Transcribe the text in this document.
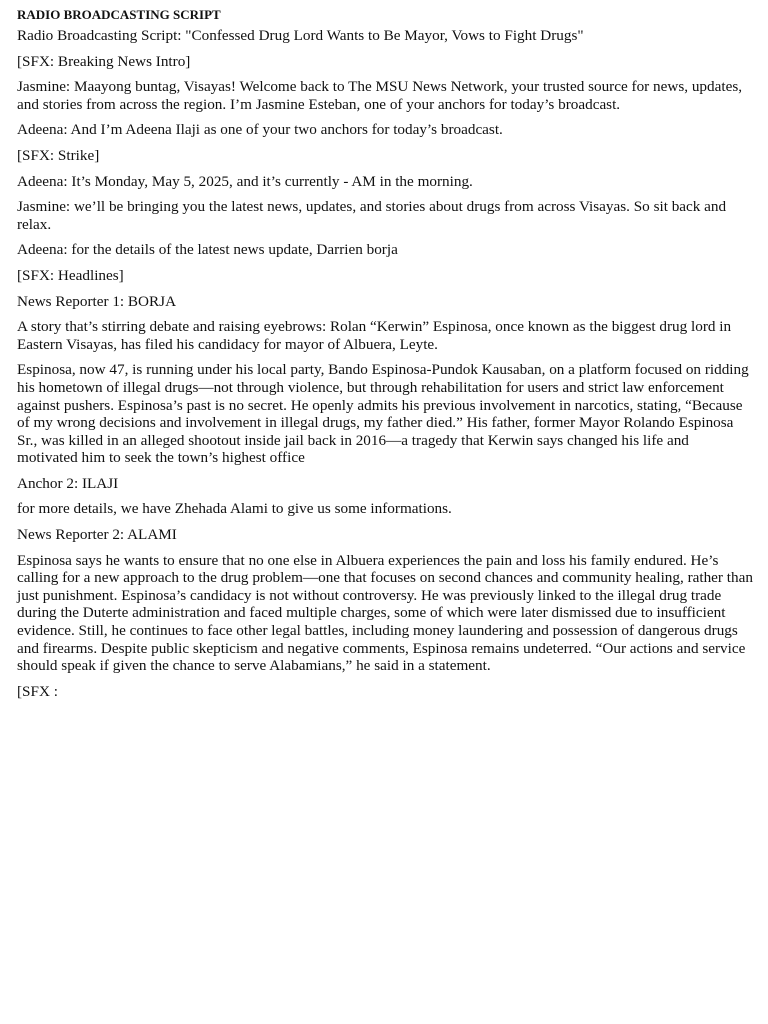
RADIO BROADCASTING SCRIPT

Radio Broadcasting Script: "Confessed Drug Lord Wants to Be Mayor, Vows to Fight Drugs"

[SFX: Breaking News Intro]

Jasmine: Maayong buntag, Visayas! Welcome back to The MSU News Network, your trusted source for news, updates, and stories from across the region. I’m Jasmine Esteban, one of your anchors for today’s broadcast.

Adeena: And I’m Adeena Ilaji as one of your two anchors for today’s broadcast.

[SFX: Strike]

Adeena: It’s Monday, May 5, 2025, and it’s currently - AM in the morning.

Jasmine: we’ll be bringing you the latest news, updates, and stories about drugs from across Visayas. So sit back and relax.

Adeena: for the details of the latest news update, Darrien borja

[SFX: Headlines]

News Reporter 1: BORJA

A story that’s stirring debate and raising eyebrows: Rolan “Kerwin” Espinosa, once known as the biggest drug lord in Eastern Visayas, has filed his candidacy for mayor of Albuera, Leyte.

Espinosa, now 47, is running under his local party, Bando Espinosa-Pundok Kausaban, on a platform focused on ridding his hometown of illegal drugs—not through violence, but through rehabilitation for users and strict law enforcement against pushers. Espinosa’s past is no secret. He openly admits his previous involvement in narcotics, stating, “Because of my wrong decisions and involvement in illegal drugs, my father died.” His father, former Mayor Rolando Espinosa Sr., was killed in an alleged shootout inside jail back in 2016—a tragedy that Kerwin says changed his life and motivated him to seek the town’s highest office

Anchor 2: ILAJI

for more details, we have Zhehada Alami to give us some informations.

News Reporter 2: ALAMI

Espinosa says he wants to ensure that no one else in Albuera experiences the pain and loss his family endured. He’s calling for a new approach to the drug problem—one that focuses on second chances and community healing, rather than just punishment. Espinosa’s candidacy is not without controversy. He was previously linked to the illegal drug trade during the Duterte administration and faced multiple charges, some of which were later dismissed due to insufficient evidence. Still, he continues to face other legal battles, including money laundering and possession of dangerous drugs and firearms. Despite public skepticism and negative comments, Espinosa remains undeterred. “Our actions and service should speak if given the chance to serve Alabamians,” he said in a statement.

[SFX :
